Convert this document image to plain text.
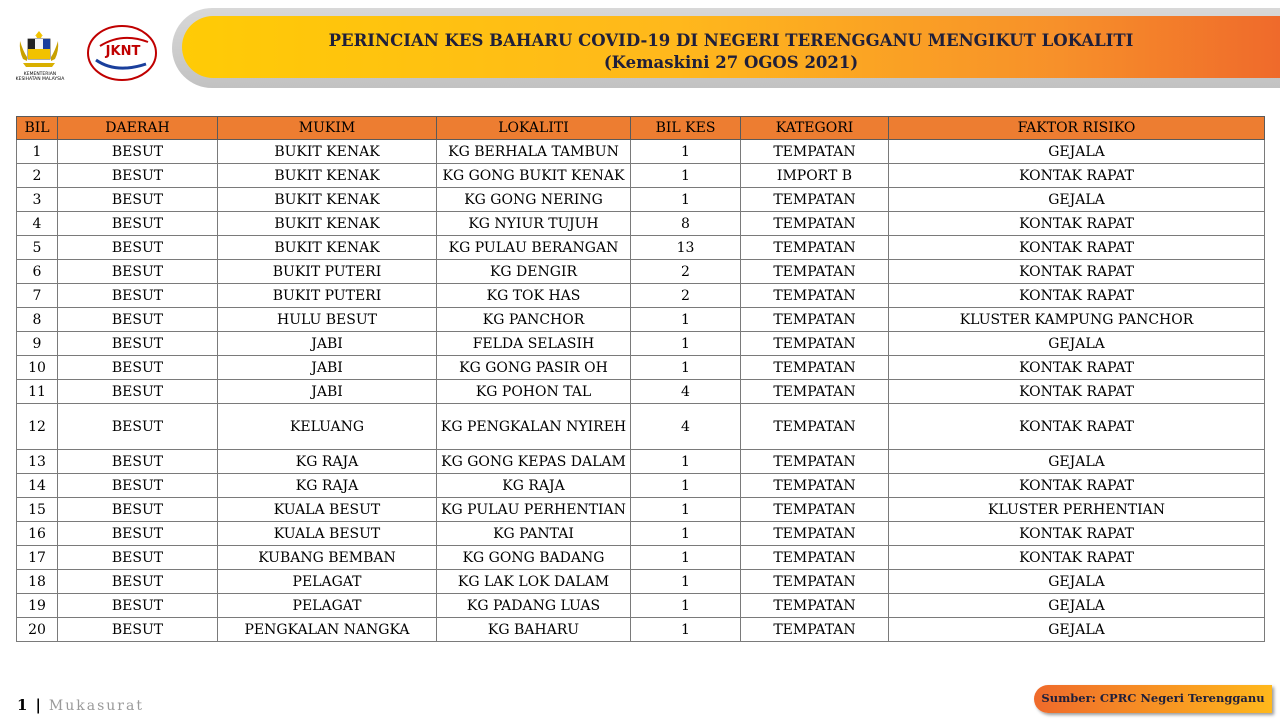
KEMENTERIAN KESIHATAN MALAYSIA
JKNT
PERINCIAN KES BAHARU COVID-19 DI NEGERI TERENGGANU MENGIKUT LOKALITI
(Kemaskini 27 OGOS 2021)
BIL	DAERAH	MUKIM	LOKALITI	BIL KES	KATEGORI	FAKTOR RISIKO
1	BESUT	BUKIT KENAK	KG BERHALA TAMBUN	1	TEMPATAN	GEJALA
2	BESUT	BUKIT KENAK	KG GONG BUKIT KENAK	1	IMPORT B	KONTAK RAPAT
3	BESUT	BUKIT KENAK	KG GONG NERING	1	TEMPATAN	GEJALA
4	BESUT	BUKIT KENAK	KG NYIUR TUJUH	8	TEMPATAN	KONTAK RAPAT
5	BESUT	BUKIT KENAK	KG PULAU BERANGAN	13	TEMPATAN	KONTAK RAPAT
6	BESUT	BUKIT PUTERI	KG DENGIR	2	TEMPATAN	KONTAK RAPAT
7	BESUT	BUKIT PUTERI	KG TOK HAS	2	TEMPATAN	KONTAK RAPAT
8	BESUT	HULU BESUT	KG PANCHOR	1	TEMPATAN	KLUSTER KAMPUNG PANCHOR
9	BESUT	JABI	FELDA SELASIH	1	TEMPATAN	GEJALA
10	BESUT	JABI	KG GONG PASIR OH	1	TEMPATAN	KONTAK RAPAT
11	BESUT	JABI	KG POHON TAL	4	TEMPATAN	KONTAK RAPAT
12	BESUT	KELUANG	KG PENGKALAN NYIREH	4	TEMPATAN	KONTAK RAPAT
13	BESUT	KG RAJA	KG GONG KEPAS DALAM	1	TEMPATAN	GEJALA
14	BESUT	KG RAJA	KG RAJA	1	TEMPATAN	KONTAK RAPAT
15	BESUT	KUALA BESUT	KG PULAU PERHENTIAN	1	TEMPATAN	KLUSTER PERHENTIAN
16	BESUT	KUALA BESUT	KG PANTAI	1	TEMPATAN	KONTAK RAPAT
17	BESUT	KUBANG BEMBAN	KG GONG BADANG	1	TEMPATAN	KONTAK RAPAT
18	BESUT	PELAGAT	KG LAK LOK DALAM	1	TEMPATAN	GEJALA
19	BESUT	PELAGAT	KG PADANG LUAS	1	TEMPATAN	GEJALA
20	BESUT	PENGKALAN NANGKA	KG BAHARU	1	TEMPATAN	GEJALA
1 | Mukasurat	Sumber: CPRC Negeri Terengganu
